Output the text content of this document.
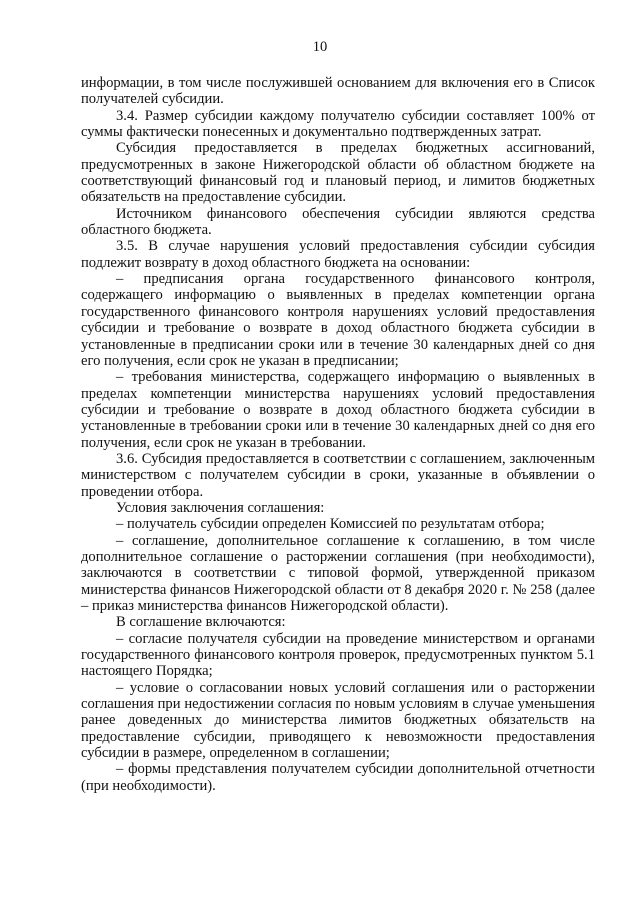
10

информации, в том числе послужившей основанием для включения его в Список получателей субсидии.

3.4. Размер субсидии каждому получателю субсидии составляет 100% от суммы фактически понесенных и документально подтвержденных затрат.

Субсидия предоставляется в пределах бюджетных ассигнований, предусмотренных в законе Нижегородской области об областном бюджете на соответствующий финансовый год и плановый период, и лимитов бюджетных обязательств на предоставление субсидии.

Источником финансового обеспечения субсидии являются средства областного бюджета.

3.5. В случае нарушения условий предоставления субсидии субсидия подлежит возврату в доход областного бюджета на основании:

– предписания органа государственного финансового контроля, содержащего информацию о выявленных в пределах компетенции органа государственного финансового контроля нарушениях условий предоставления субсидии и требование о возврате в доход областного бюджета субсидии в установленные в предписании сроки или в течение 30 календарных дней со дня его получения, если срок не указан в предписании;

– требования министерства, содержащего информацию о выявленных в пределах компетенции министерства нарушениях условий предоставления субсидии и требование о возврате в доход областного бюджета субсидии в установленные в требовании сроки или в течение 30 календарных дней со дня его получения, если срок не указан в требовании.

3.6. Субсидия предоставляется в соответствии с соглашением, заключенным министерством с получателем субсидии в сроки, указанные в объявлении о проведении отбора.

Условия заключения соглашения:

– получатель субсидии определен Комиссией по результатам отбора;

– соглашение, дополнительное соглашение к соглашению, в том числе дополнительное соглашение о расторжении соглашения (при необходимости), заключаются в соответствии с типовой формой, утвержденной приказом министерства финансов Нижегородской области от 8 декабря 2020 г. № 258 (далее – приказ министерства финансов Нижегородской области).

В соглашение включаются:

– согласие получателя субсидии на проведение министерством и органами государственного финансового контроля проверок, предусмотренных пунктом 5.1 настоящего Порядка;

– условие о согласовании новых условий соглашения или о расторжении соглашения при недостижении согласия по новым условиям в случае уменьшения ранее доведенных до министерства лимитов бюджетных обязательств на предоставление субсидии, приводящего к невозможности предоставления субсидии в размере, определенном в соглашении;

– формы представления получателем субсидии дополнительной отчетности (при необходимости).
